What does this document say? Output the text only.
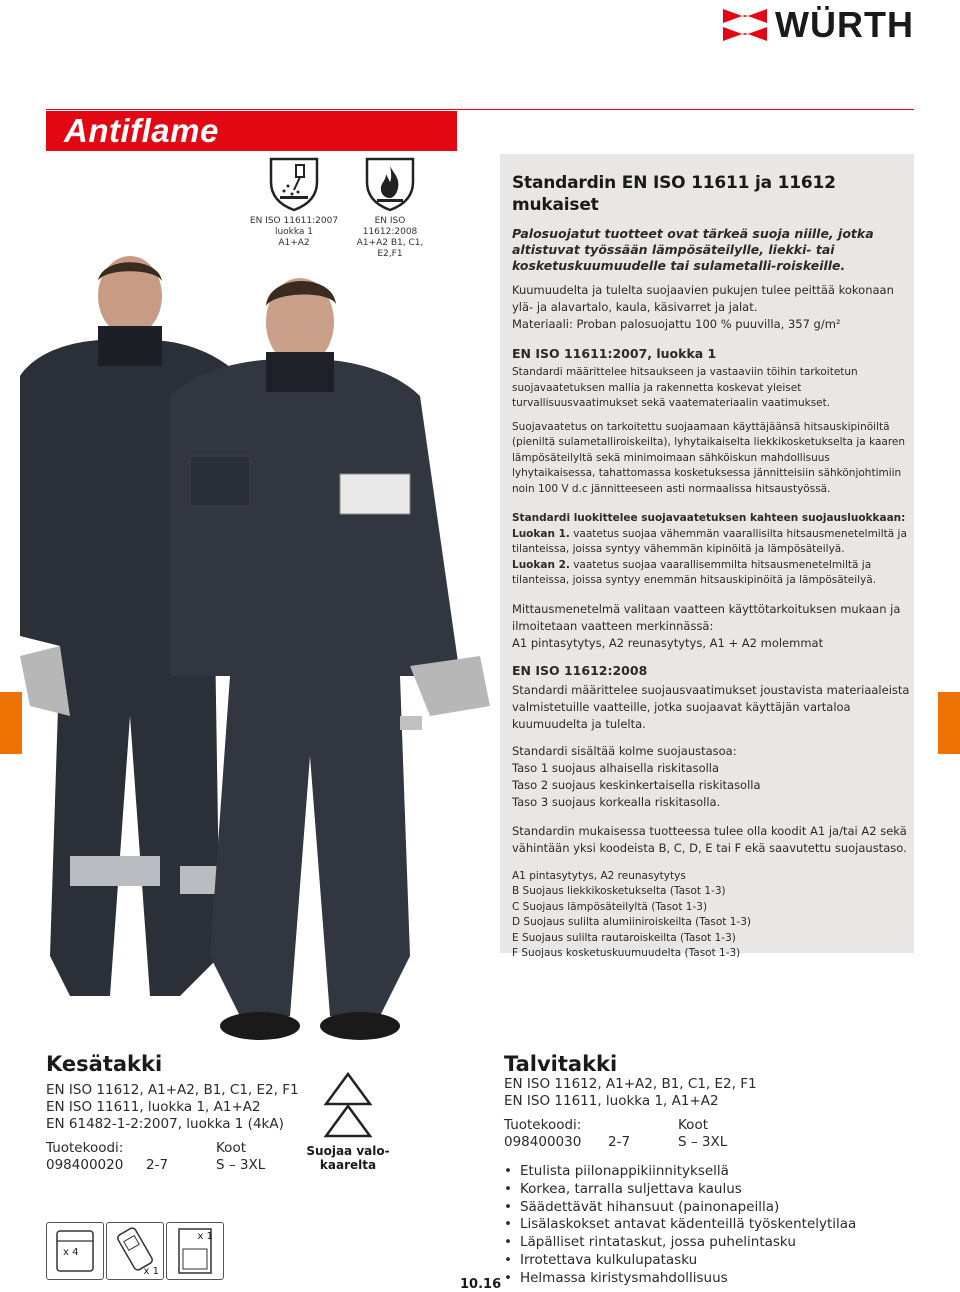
WÜRTH
Antiflame
EN ISO 11611:2007
luokka 1
A1+A2
EN ISO 11612:2008
A1+A2 B1, C1, E2,F1
Standardin EN ISO 11611 ja 11612 mukaiset

Palosuojatut tuotteet ovat tärkeä suoja niille, jotka altistuvat työssään lämpösäteilylle, liekki- tai kosketuskuumuudelle tai sulametalli-roiskeille.

Kuumuudelta ja tulelta suojaavien pukujen tulee peittää kokonaan ylä- ja alavartalo, kaula, käsivarret ja jalat.
Materiaali: Proban palosuojattu 100 % puuvilla, 357 g/m²

EN ISO 11611:2007, luokka 1

Standardi määrittelee hitsaukseen ja vastaaviin töihin tarkoitetun suojavaatetuksen mallia ja rakennetta koskevat yleiset turvallisuusvaatimukset sekä vaatemateriaalin vaatimukset.

Suojavaatetus on tarkoitettu suojaamaan käyttäjäänsä hitsauskipinöiltä (pieniltä sulametalliroiskeilta), lyhytaikaiselta liekkikosketukselta ja kaaren lämpösäteilyltä sekä minimoimaan sähköiskun mahdollisuus lyhytaikaisessa, tahattomassa kosketuksessa jännitteisiin sähkönjohtimiin noin 100 V d.c jännitteeseen asti normaalissa hitsaustyössä.

Standardi luokittelee suojavaatetuksen kahteen suojausluokkaan:
Luokan 1. vaatetus suojaa vähemmän vaarallisilta hitsausmenetelmiltä ja tilanteissa, joissa syntyy vähemmän kipinöitä ja lämpösäteilyä.
Luokan 2. vaatetus suojaa vaarallisemmilta hitsausmenetelmiltä ja tilanteissa, joissa syntyy enemmän hitsauskipinöitä ja lämpösäteilyä.

Mittausmenetelmä valitaan vaatteen käyttötarkoituksen mukaan ja ilmoitetaan vaatteen merkinnässä:
A1 pintasytytys, A2 reunasytytys, A1 + A2 molemmat

EN ISO 11612:2008

Standardi määrittelee suojausvaatimukset joustavista materiaaleista valmistetuille vaatteille, jotka suojaavat käyttäjän vartaloa kuumuudelta ja tulelta.

Standardi sisältää kolme suojaustasoa:
Taso 1 suojaus alhaisella riskitasolla
Taso 2 suojaus keskinkertaisella riskitasolla
Taso 3 suojaus korkealla riskitasolla.

Standardin mukaisessa tuotteessa tulee olla koodit A1 ja/tai A2 sekä vähintään yksi koodeista B, C, D, E tai F ekä saavutettu suojaustaso.

A1 pintasytytys, A2 reunasytytys
B Suojaus liekkikosketukselta (Tasot 1-3)
C Suojaus lämpösäteilyltä (Tasot 1-3)
D Suojaus sulilta alumiiniroiskeilta (Tasot 1-3)
E Suojaus sulilta rautaroiskeilta (Tasot 1-3)
F Suojaus kosketuskuumuudelta (Tasot 1-3)

Kesätakki
EN ISO 11612, A1+A2, B1, C1, E2, F1
EN ISO 11611, luokka 1, A1+A2
EN 61482-1-2:2007, luokka 1 (4kA)
Tuotekoodi:	Koot
098400020 2-7	S – 3XL
Suojaa valo-kaarelta
x 4
x 1
x 1
10.16
Talvitakki
EN ISO 11612, A1+A2, B1, C1, E2, F1
EN ISO 11611, luokka 1, A1+A2
Tuotekoodi:	Koot
098400030 2-7	S – 3XL
• Etulista piilonappikiinnityksellä
• Korkea, tarralla suljettava kaulus
• Säädettävät hihansuut (painonapeilla)
• Lisälaskokset antavat kädenteillä työskentelytilaa
• Läpälliset rintataskut, jossa puhelintasku
• Irrotettava kulkulupatasku
• Helmassa kiristysmahdollisuus
